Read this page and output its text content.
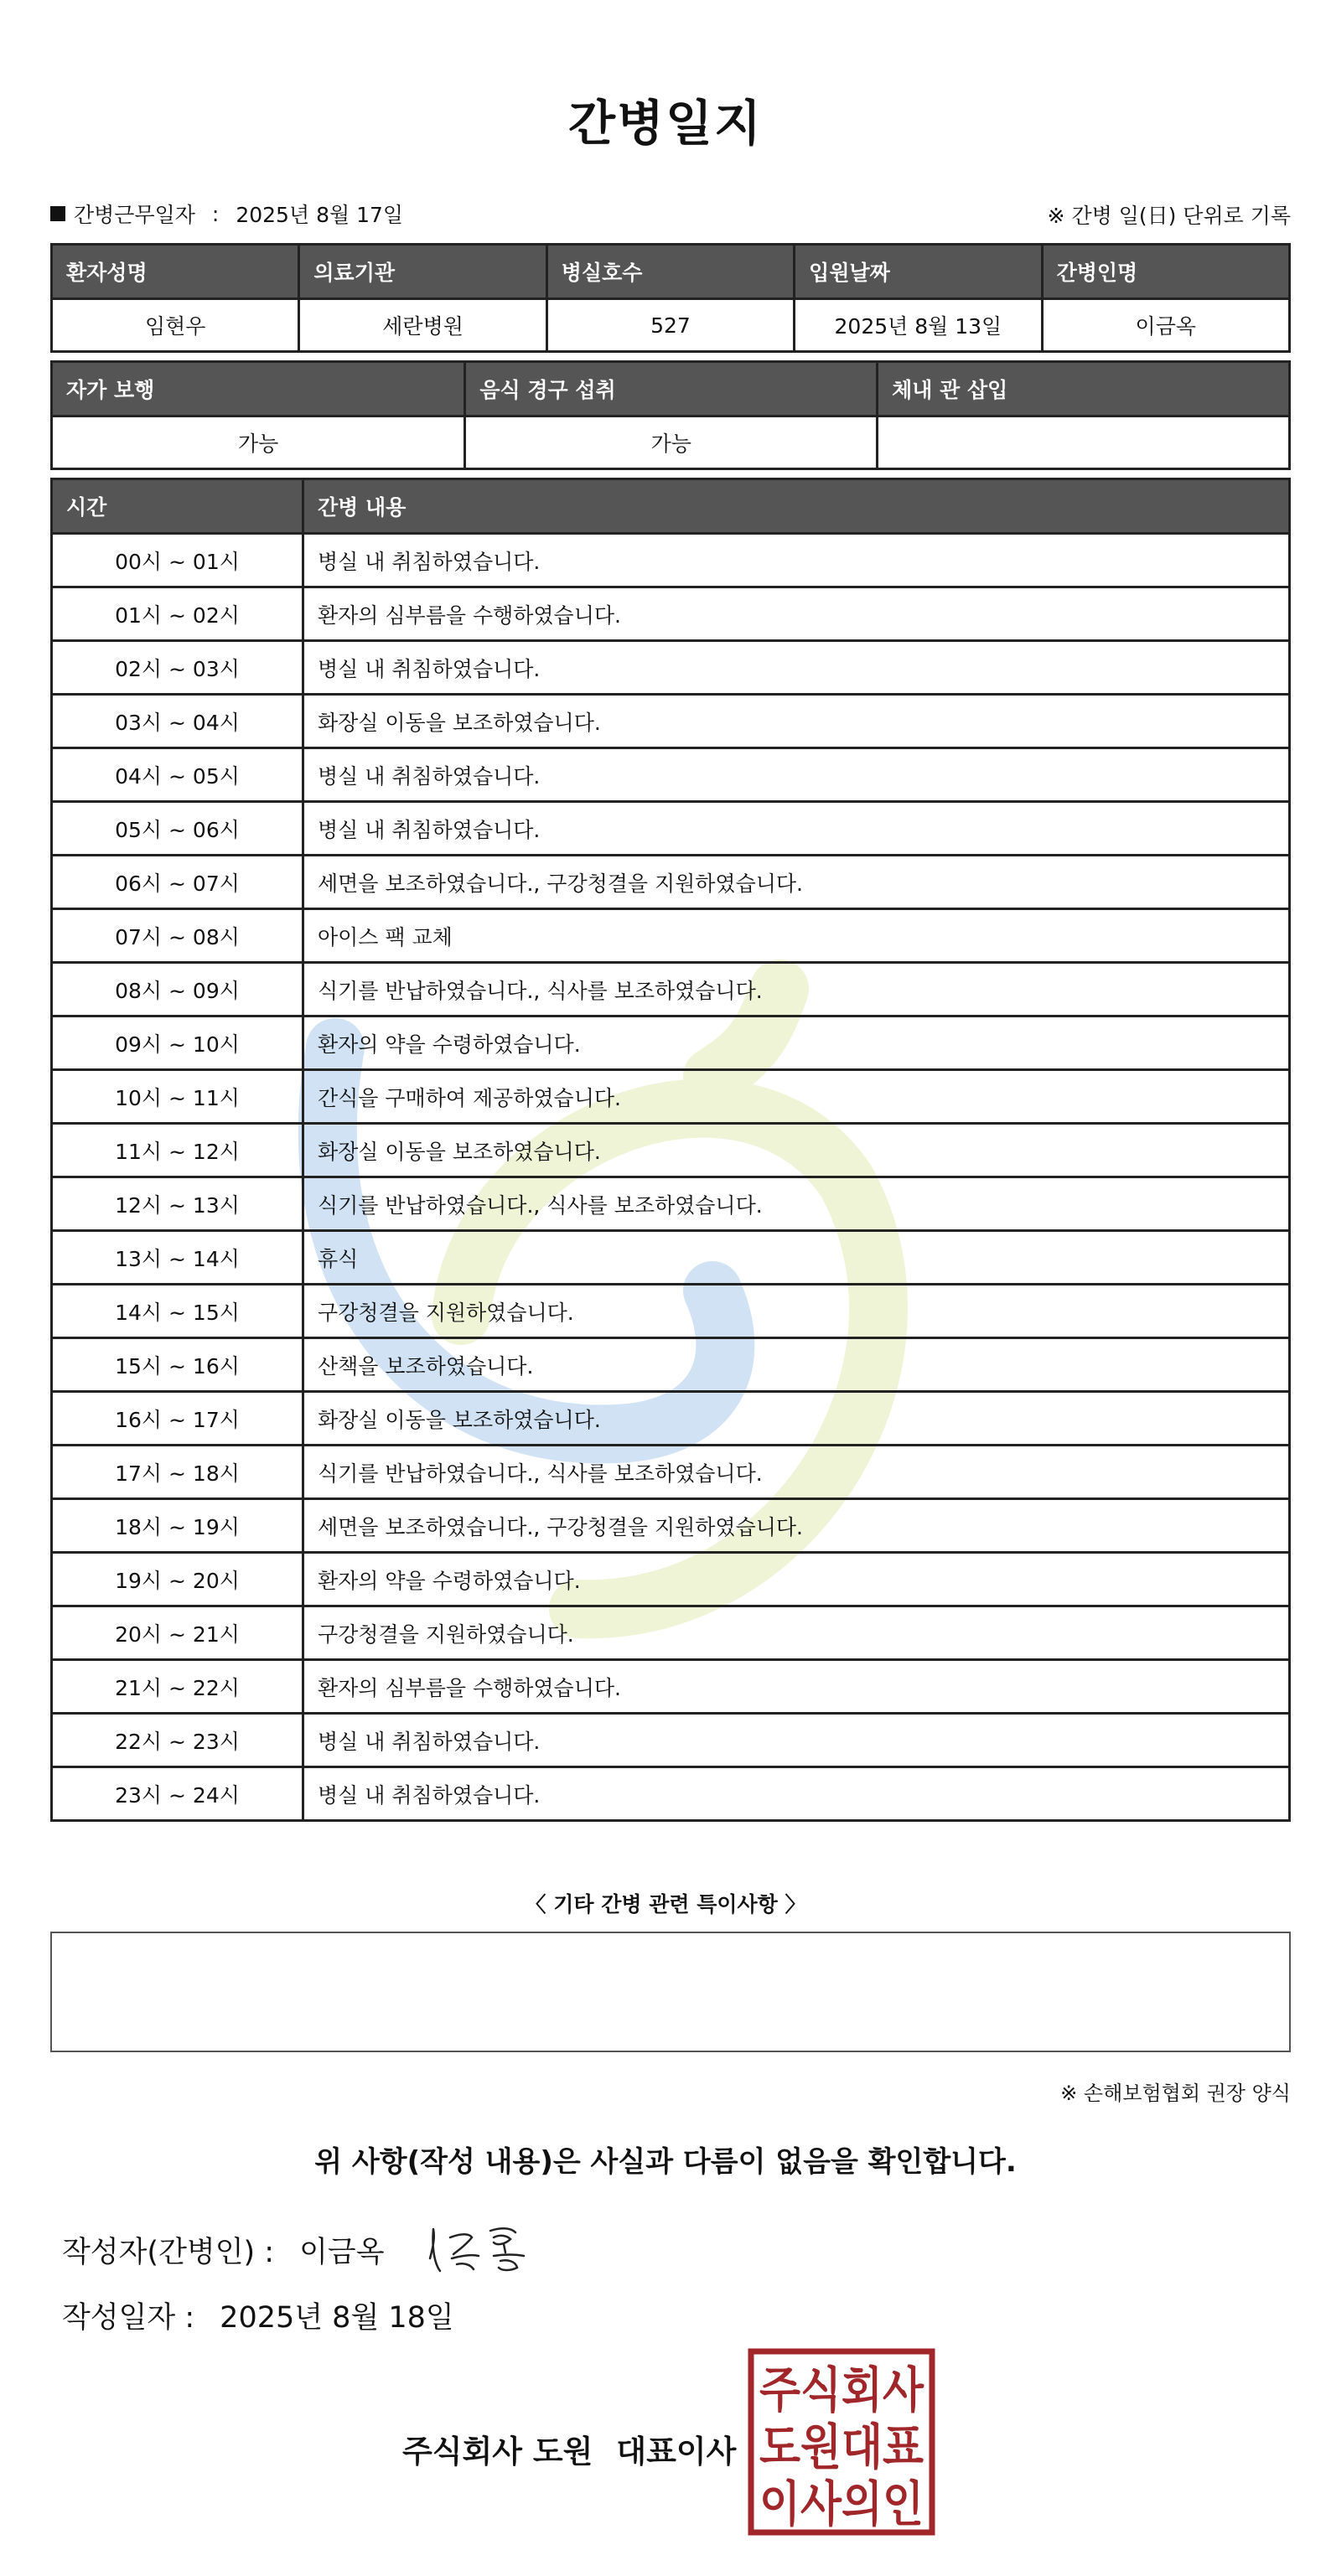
간병일지
간병근무일자 : 2025년 8월 17일	※ 간병 일(日) 단위로 기록
환자성명	의료기관	병실호수	입원날짜	간병인명
임현우	세란병원	527	2025년 8월 13일	이금옥
자가 보행	음식 경구 섭취	체내 관 삽입
가능	가능	
시간	간병 내용
00시 ~ 01시	병실 내 취침하였습니다.
01시 ~ 02시	환자의 심부름을 수행하였습니다.
02시 ~ 03시	병실 내 취침하였습니다.
03시 ~ 04시	화장실 이동을 보조하였습니다.
04시 ~ 05시	병실 내 취침하였습니다.
05시 ~ 06시	병실 내 취침하였습니다.
06시 ~ 07시	세면을 보조하였습니다., 구강청결을 지원하였습니다.
07시 ~ 08시	아이스 팩 교체
08시 ~ 09시	식기를 반납하였습니다., 식사를 보조하였습니다.
09시 ~ 10시	환자의 약을 수령하였습니다.
10시 ~ 11시	간식을 구매하여 제공하였습니다.
11시 ~ 12시	화장실 이동을 보조하였습니다.
12시 ~ 13시	식기를 반납하였습니다., 식사를 보조하였습니다.
13시 ~ 14시	휴식
14시 ~ 15시	구강청결을 지원하였습니다.
15시 ~ 16시	산책을 보조하였습니다.
16시 ~ 17시	화장실 이동을 보조하였습니다.
17시 ~ 18시	식기를 반납하였습니다., 식사를 보조하였습니다.
18시 ~ 19시	세면을 보조하였습니다., 구강청결을 지원하였습니다.
19시 ~ 20시	환자의 약을 수령하였습니다.
20시 ~ 21시	구강청결을 지원하였습니다.
21시 ~ 22시	환자의 심부름을 수행하였습니다.
22시 ~ 23시	병실 내 취침하였습니다.
23시 ~ 24시	병실 내 취침하였습니다.
〈 기타 간병 관련 특이사항 〉
※ 손해보험협회 권장 양식
위 사항(작성 내용)은 사실과 다름이 없음을 확인합니다.
작성자(간병인) : 이금옥
작성일자 : 2025년 8월 18일
주식회사 도원 대표이사
주식회사
도원대표
이사의인
